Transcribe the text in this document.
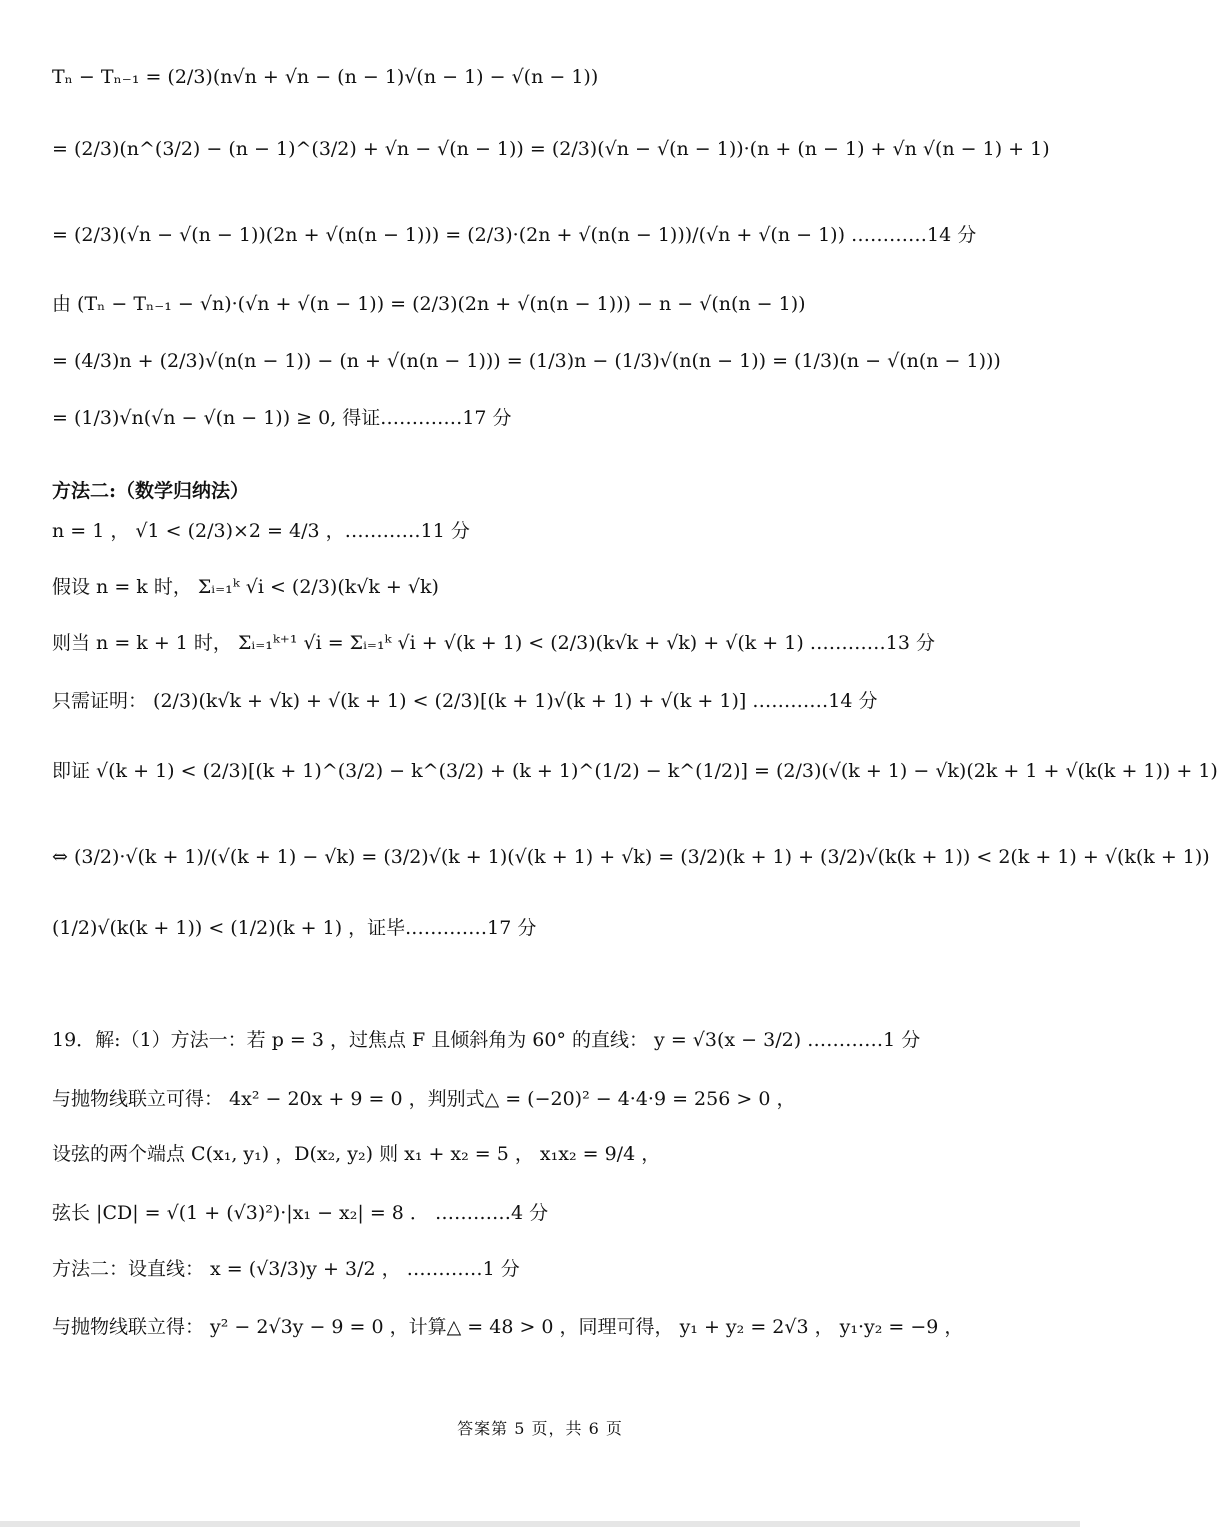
Tₙ − Tₙ₋₁ = (2/3)(n√n + √n − (n − 1)√(n − 1) − √(n − 1))
= (2/3)(n^(3/2) − (n − 1)^(3/2) + √n − √(n − 1)) = (2/3)(√n − √(n − 1))·(n + (n − 1) + √n √(n − 1) + 1)
= (2/3)(√n − √(n − 1))(2n + √(n(n − 1))) = (2/3)·(2n + √(n(n − 1)))/(√n + √(n − 1)) …………14 分
由 (Tₙ − Tₙ₋₁ − √n)·(√n + √(n − 1)) = (2/3)(2n + √(n(n − 1))) − n − √(n(n − 1))
= (4/3)n + (2/3)√(n(n − 1)) − (n + √(n(n − 1))) = (1/3)n − (1/3)√(n(n − 1)) = (1/3)(n − √(n(n − 1)))
= (1/3)√n(√n − √(n − 1)) ≥ 0, 得证.…………17 分
方法二:（数学归纳法）
n = 1 ， √1 < (2/3)×2 = 4/3 ，…………11 分
假设 n = k 时， Σᵢ₌₁ᵏ √i < (2/3)(k√k + √k)
则当 n = k + 1 时， Σᵢ₌₁ᵏ⁺¹ √i = Σᵢ₌₁ᵏ √i + √(k + 1) < (2/3)(k√k + √k) + √(k + 1) …………13 分
只需证明： (2/3)(k√k + √k) + √(k + 1) < (2/3)[(k + 1)√(k + 1) + √(k + 1)] …………14 分
即证 √(k + 1) < (2/3)[(k + 1)^(3/2) − k^(3/2) + (k + 1)^(1/2) − k^(1/2)] = (2/3)(√(k + 1) − √k)(2k + 1 + √(k(k + 1)) + 1)
⇔ (3/2)·√(k + 1)/(√(k + 1) − √k) = (3/2)√(k + 1)(√(k + 1) + √k) = (3/2)(k + 1) + (3/2)√(k(k + 1)) < 2(k + 1) + √(k(k + 1))
(1/2)√(k(k + 1)) < (1/2)(k + 1) ，证毕.…………17 分
19．解:（1）方法一：若 p = 3 ，过焦点 F 且倾斜角为 60° 的直线： y = √3(x − 3/2) …………1 分
与抛物线联立可得： 4x² − 20x + 9 = 0 ，判别式△ = (−20)² − 4·4·9 = 256 > 0 ，
设弦的两个端点 C(x₁, y₁) ，D(x₂, y₂) 则 x₁ + x₂ = 5 ， x₁x₂ = 9/4 ，
弦长 |CD| = √(1 + (√3)²)·|x₁ − x₂| = 8 ． …………4 分
方法二：设直线： x = (√3/3)y + 3/2 ， …………1 分
与抛物线联立得： y² − 2√3y − 9 = 0 ，计算△ = 48 > 0 ，同理可得， y₁ + y₂ = 2√3 ， y₁·y₂ = −9 ，
答案第 5 页，共 6 页
